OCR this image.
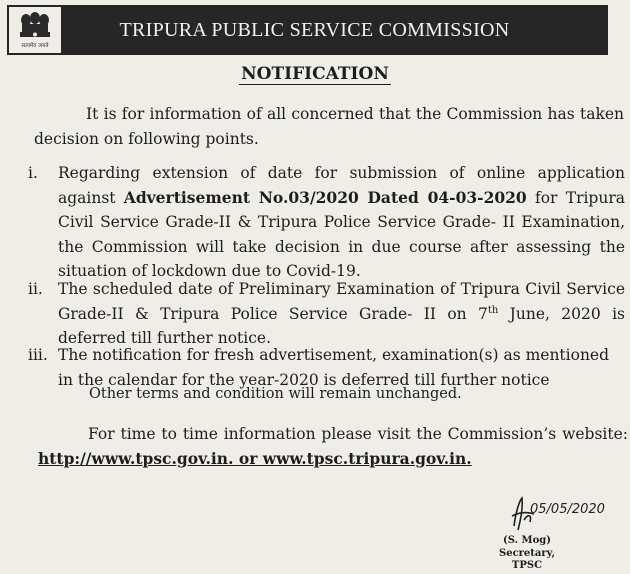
सत्यमेव जयते
TRIPURA PUBLIC SERVICE COMMISSION
NOTIFICATION
It is for information of all concerned that the Commission has taken decision on following points.
i.	Regarding extension of date for submission of online application against Advertisement No.03/2020 Dated 04-03-2020 for Tripura Civil Service Grade-II & Tripura Police Service Grade- II Examination, the Commission will take decision in due course after assessing the situation of lockdown due to Covid-19.
ii. The scheduled date of Preliminary Examination of Tripura Civil Service Grade-II & Tripura Police Service Grade- II on 7th June, 2020 is deferred till further notice.
iii. The notification for fresh advertisement, examination(s) as mentioned in the calendar for the year-2020 is deferred till further notice
Other terms and condition will remain unchanged.
For time to time information please visit the Commission’s website: http://www.tpsc.gov.in. or www.tpsc.tripura.gov.in.
05/05/2020
(S. Mog)
Secretary,
TPSC
